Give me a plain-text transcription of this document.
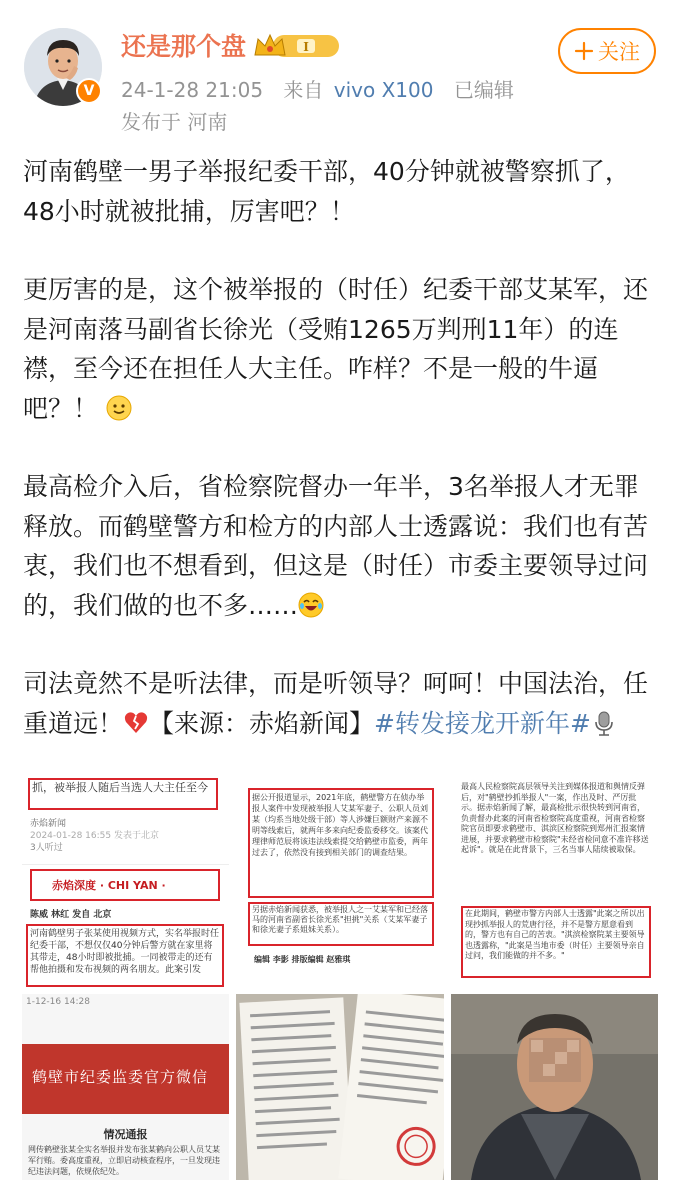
V
还是那个盘	I	关注
24-1-28 21:05 来自 vivo X100 已编辑
发布于 河南

河南鹤壁一男子举报纪委干部，40分钟就被警察抓了，48小时就被批捕，厉害吧？！

更厉害的是，这个被举报的（时任）纪委干部艾某军，还是河南落马副省长徐光（受贿1265万判刑11年）的连襟，至今还在担任人大主任。咋样？不是一般的牛逼吧？！

最高检介入后，省检察院督办一年半，3名举报人才无罪释放。而鹤壁警方和检方的内部人士透露说：我们也有苦衷，我们也不想看到，但这是（时任）市委主要领导过问的，我们做的也不多……

司法竟然不是听法律，而是听领导？呵呵！中国法治，任重道远！ 【来源：赤焰新闻】#转发接龙开新年#

抓，被举报人随后当选人大主任至今
赤焰新闻
2024-01-28 16:55 发表于北京
3人听过
赤焰深度 · CHI YAN ·
陈威 林红 发自 北京
河南鹤壁男子张某使用视频方式，实名举报时任纪委干部，不想仅仅40分钟后警方就在家里将其带走，48小时即被批捕。一同被带走的还有帮他拍摄和发布视频的两名朋友。此案引发
据公开报道显示，2021年底，鹤壁警方在侦办举报人案件中发现被举报人艾某军妻子、公职人员刘某（均系当地处级干部）等人涉嫌巨额财产来源不明等线索后，就两年多来向纪委监委移交。该案代理律师范辰将该违法线索提交给鹤壁市监委，两年过去了，依然没有接到相关部门的调查结果。
另据赤焰新闻获悉，被举报人之一艾某军和已经落马的河南省副省长徐光系"担挑"关系（艾某军妻子和徐光妻子系姐妹关系）。
编辑 李影 排版编辑 赵雅琪
最高人民检察院高层领导关注到媒体报道和舆情反弹后，对"鹤壁抄抓举报人"一案，作出及时、严厉批示。据赤焰新闻了解，最高检批示很快转到河南省，负责督办此案的河南省检察院高度重视，河南省检察院官员即要求鹤壁市、淇滨区检察院到郑州汇报案情进展，并要求鹤壁市检察院"未经省检同意不准许移送起诉"。就是在此背景下，三名当事人陆续被取保。
在此期间，鹤壁市警方内部人士透露"此案之所以出现抄抓举报人的荒唐行径，并不是警方愿意看到的，警方也有自己的苦衷。"淇滨检察院某主要领导也透露称，"此案是当地市委（时任）主要领导亲自过问，我们能做的并不多。"
1-12-16 14:28
鹤壁市纪委监委官方微信
情况通报
网传鹤壁张某全实名举报并发布张某鹤向公职人员艾某军行贿。委高度重视，立即启动核查程序，一旦发现违纪违法问题，依规依纪处。
